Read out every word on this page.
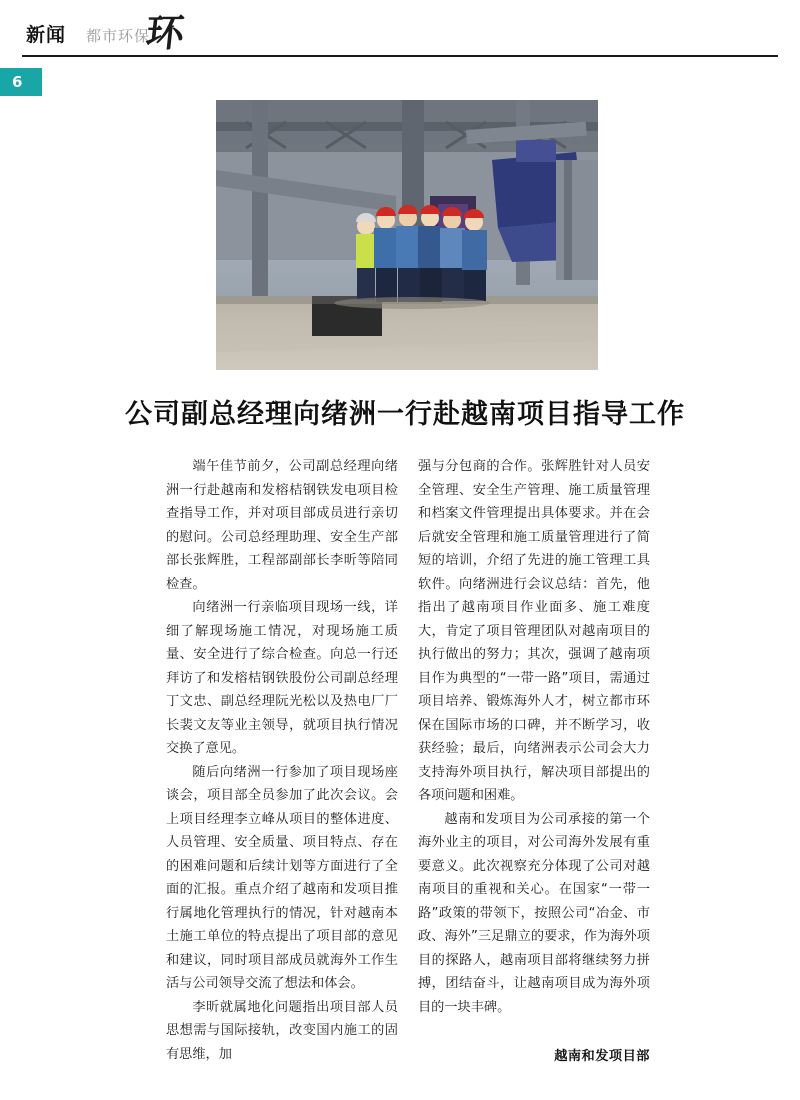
新闻 都市环保
环
6
公司副总经理向绪洲一行赴越南项目指导工作

端午佳节前夕，公司副总经理向绪洲一行赴越南和发榕桔钢铁发电项目检查指导工作，并对项目部成员进行亲切的慰问。公司总经理助理、安全生产部部长张辉胜，工程部副部长李昕等陪同检查。

向绪洲一行亲临项目现场一线，详细了解现场施工情况，对现场施工质量、安全进行了综合检查。向总一行还拜访了和发榕桔钢铁股份公司副总经理丁文忠、副总经理阮光松以及热电厂厂长裴文友等业主领导，就项目执行情况交换了意见。

随后向绪洲一行参加了项目现场座谈会，项目部全员参加了此次会议。会上项目经理李立峰从项目的整体进度、人员管理、安全质量、项目特点、存在的困难问题和后续计划等方面进行了全面的汇报。重点介绍了越南和发项目推行属地化管理执行的情况，针对越南本土施工单位的特点提出了项目部的意见和建议，同时项目部成员就海外工作生活与公司领导交流了想法和体会。

李昕就属地化问题指出项目部人员思想需与国际接轨，改变国内施工的固有思维，加

强与分包商的合作。张辉胜针对人员安全管理、安全生产管理、施工质量管理和档案文件管理提出具体要求。并在会后就安全管理和施工质量管理进行了简短的培训，介绍了先进的施工管理工具软件。向绪洲进行会议总结：首先，他指出了越南项目作业面多、施工难度大，肯定了项目管理团队对越南项目的执行做出的努力；其次，强调了越南项目作为典型的“一带一路”项目，需通过项目培养、锻炼海外人才，树立都市环保在国际市场的口碑，并不断学习，收获经验；最后，向绪洲表示公司会大力支持海外项目执行，解决项目部提出的各项问题和困难。

越南和发项目为公司承接的第一个海外业主的项目，对公司海外发展有重要意义。此次视察充分体现了公司对越南项目的重视和关心。在国家“一带一路”政策的带领下，按照公司“冶金、市政、海外”三足鼎立的要求，作为海外项目的探路人，越南项目部将继续努力拼搏，团结奋斗，让越南项目成为海外项目的一块丰碑。

越南和发项目部
